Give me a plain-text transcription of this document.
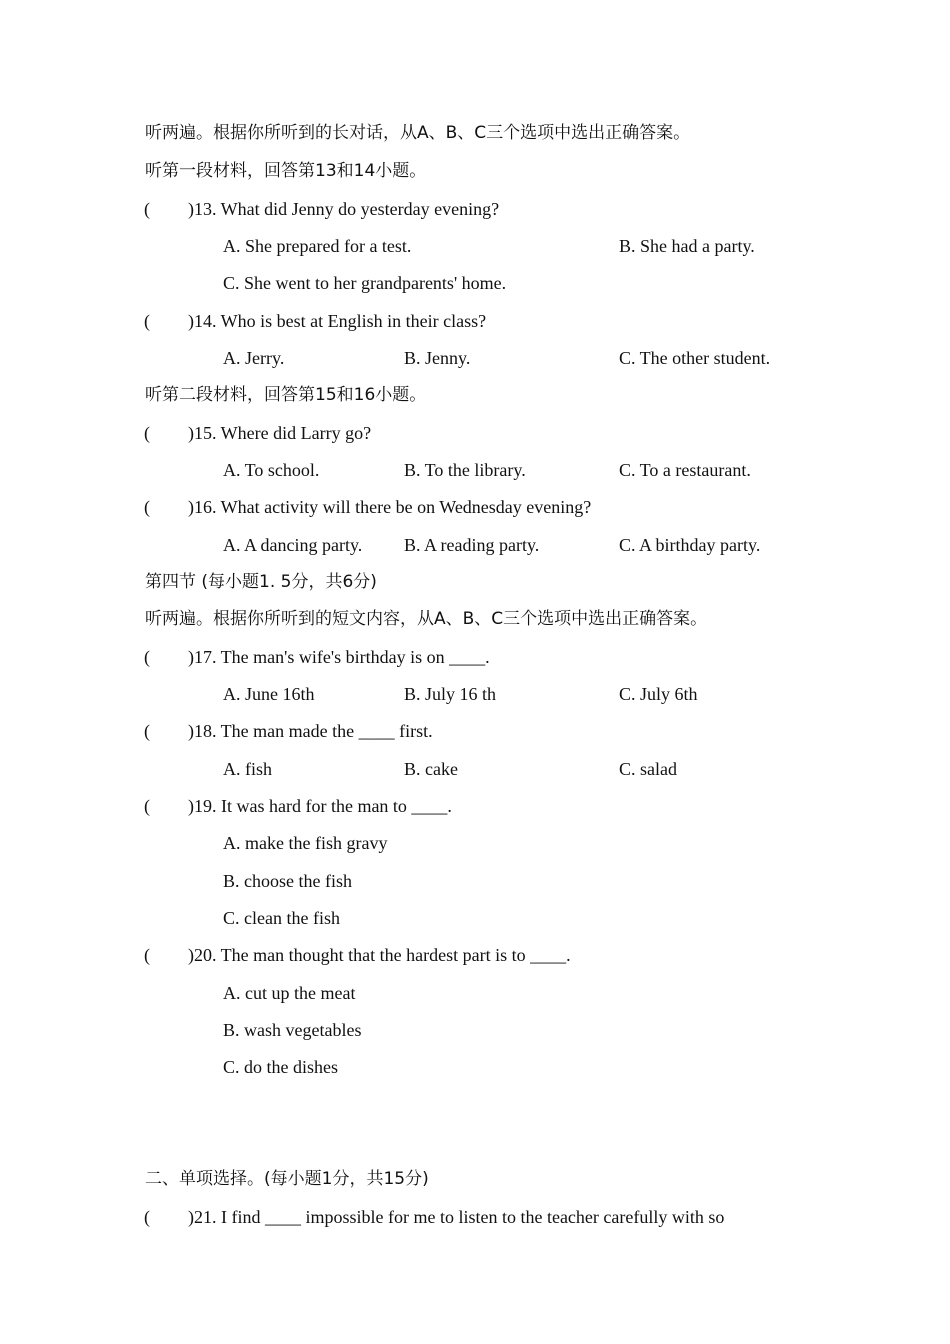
听两遍。根据你所听到的长对话，从A、B、C三个选项中选出正确答案。
听第一段材料，回答第13和14小题。
( )13. What did Jenny do yesterday evening?
A. She prepared for a test.	B. She had a party.
C. She went to her grandparents' home.
( )14. Who is best at English in their class?
A. Jerry.	B. Jenny.	C. The other student.
听第二段材料，回答第15和16小题。
( )15. Where did Larry go?
A. To school.	B. To the library.	C. To a restaurant.
( )16. What activity will there be on Wednesday evening?
A. A dancing party. B. A reading party.	C. A birthday party.
第四节 (每小题1. 5分，共6分)
听两遍。根据你所听到的短文内容，从A、B、C三个选项中选出正确答案。
( )17. The man's wife's birthday is on ____.
A. June 16th	B. July 16 th	C. July 6th
( )18. The man made the ____ first.
A. fish	B. cake	C. salad
( )19. It was hard for the man to ____.
A. make the fish gravy
B. choose the fish
C. clean the fish
( )20. The man thought that the hardest part is to ____.
A. cut up the meat
B. wash vegetables
C. do the dishes
二、单项选择。(每小题1分，共15分)
( )21. I find ____ impossible for me to listen to the teacher carefully with so
